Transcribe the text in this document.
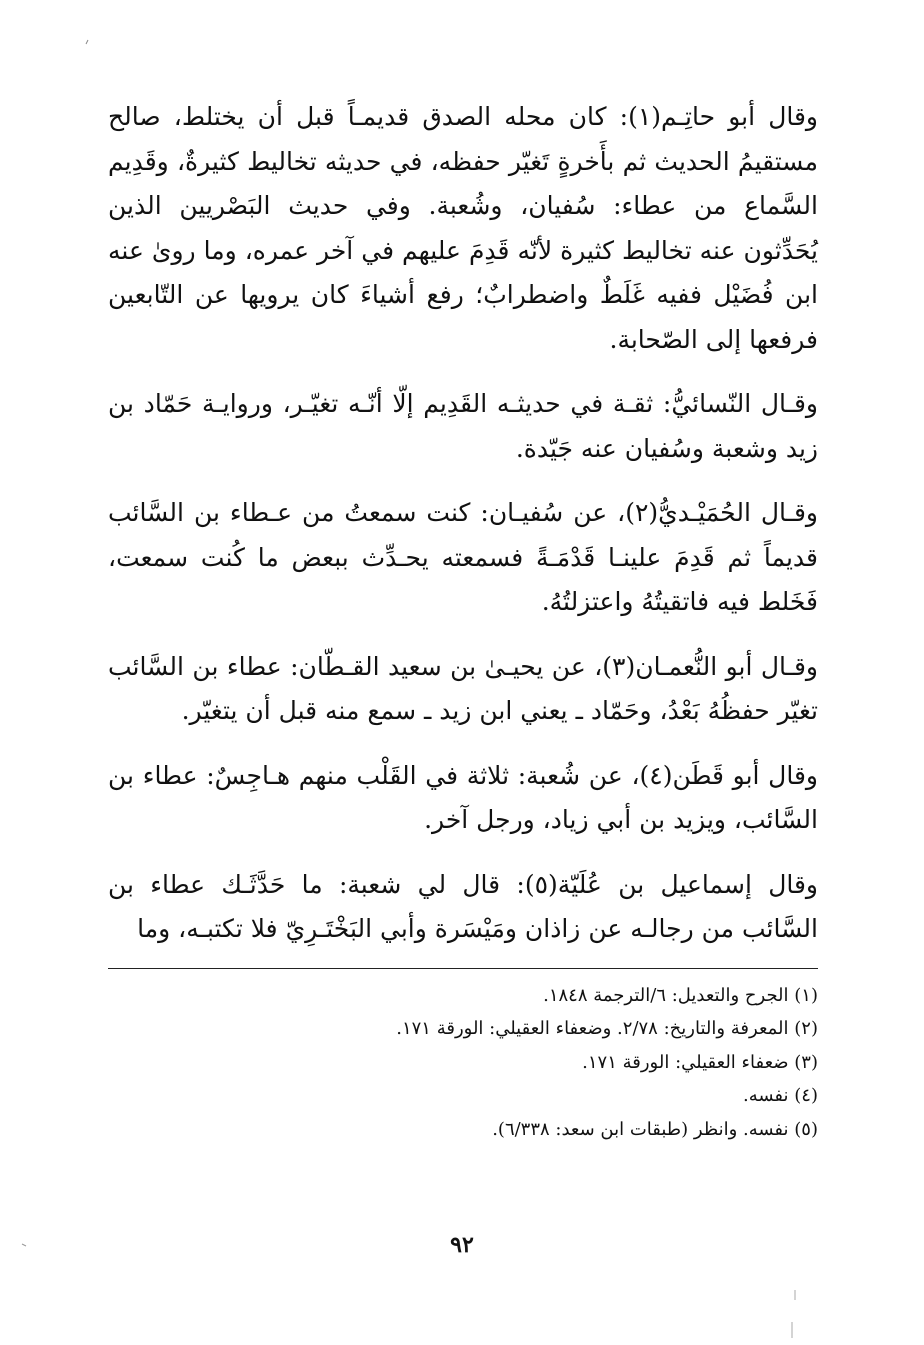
وقال أبو حاتِـم(١): كان محله الصدق قديمـاً قبل أن يختلط، صالح مستقيمُ الحديث ثم بأَخرةٍ تَغيّر حفظه، في حديثه تخاليط كثيرةٌ، وقَدِيم السَّماع من عطاء: سُفيان، وشُعبة. وفي حديث البَصْريين الذين يُحَدِّثون عنه تخاليط كثيرة لأنّه قَدِمَ عليهم في آخر عمره، وما روىٰ عنه ابن فُضَيْل ففيه غَلَطٌ واضطرابٌ؛ رفع أشياءَ كان يرويها عن التّابعين فرفعها إلى الصّحابة.

وقـال النّسائيُّ: ثقـة في حديثـه القَدِيم إلّا أنّـه تغيّـر، وروايـة حَمّاد بن زيد وشعبة وسُفيان عنه جَيّدة.

وقـال الحُمَيْـديُّ(٢)، عن سُفيـان: كنت سمعتُ من عـطاء بن السَّائب قديماً ثم قَدِمَ علينـا قَدْمَـةً فسمعته يحـدِّث ببعض ما كُنت سمعت، فَخَلط فيه فاتقيتُهُ واعتزلتُهُ.

وقـال أبو النُّعمـان(٣)، عن يحيـىٰ بن سعيد القـطّان: عطاء بن السَّائب تغيّر حفظُهُ بَعْدُ، وحَمّاد ـ يعني ابن زيد ـ سمع منه قبل أن يتغيّر.

وقال أبو قَطَن(٤)، عن شُعبة: ثلاثة في القَلْب منهم هـاجِسٌ: عطاء بن السَّائب، ويزيد بن أبي زياد، ورجل آخر.

وقال إسماعيل بن عُلَيّة(٥): قال لي شعبة: ما حَدَّثَـك عطاء بن السَّائب من رجالـه عن زاذان ومَيْسَرة وأبي البَخْتَـرِيّ فلا تكتبـه، وما

(١) الجرح والتعديل: ٦/الترجمة ١٨٤٨.

(٢) المعرفة والتاريخ: ٢/٧٨. وضعفاء العقيلي: الورقة ١٧١.

(٣) ضعفاء العقيلي: الورقة ١٧١.

(٤) نفسه.

(٥) نفسه. وانظر (طبقات ابن سعد: ٦/٣٣٨).

٩٢
